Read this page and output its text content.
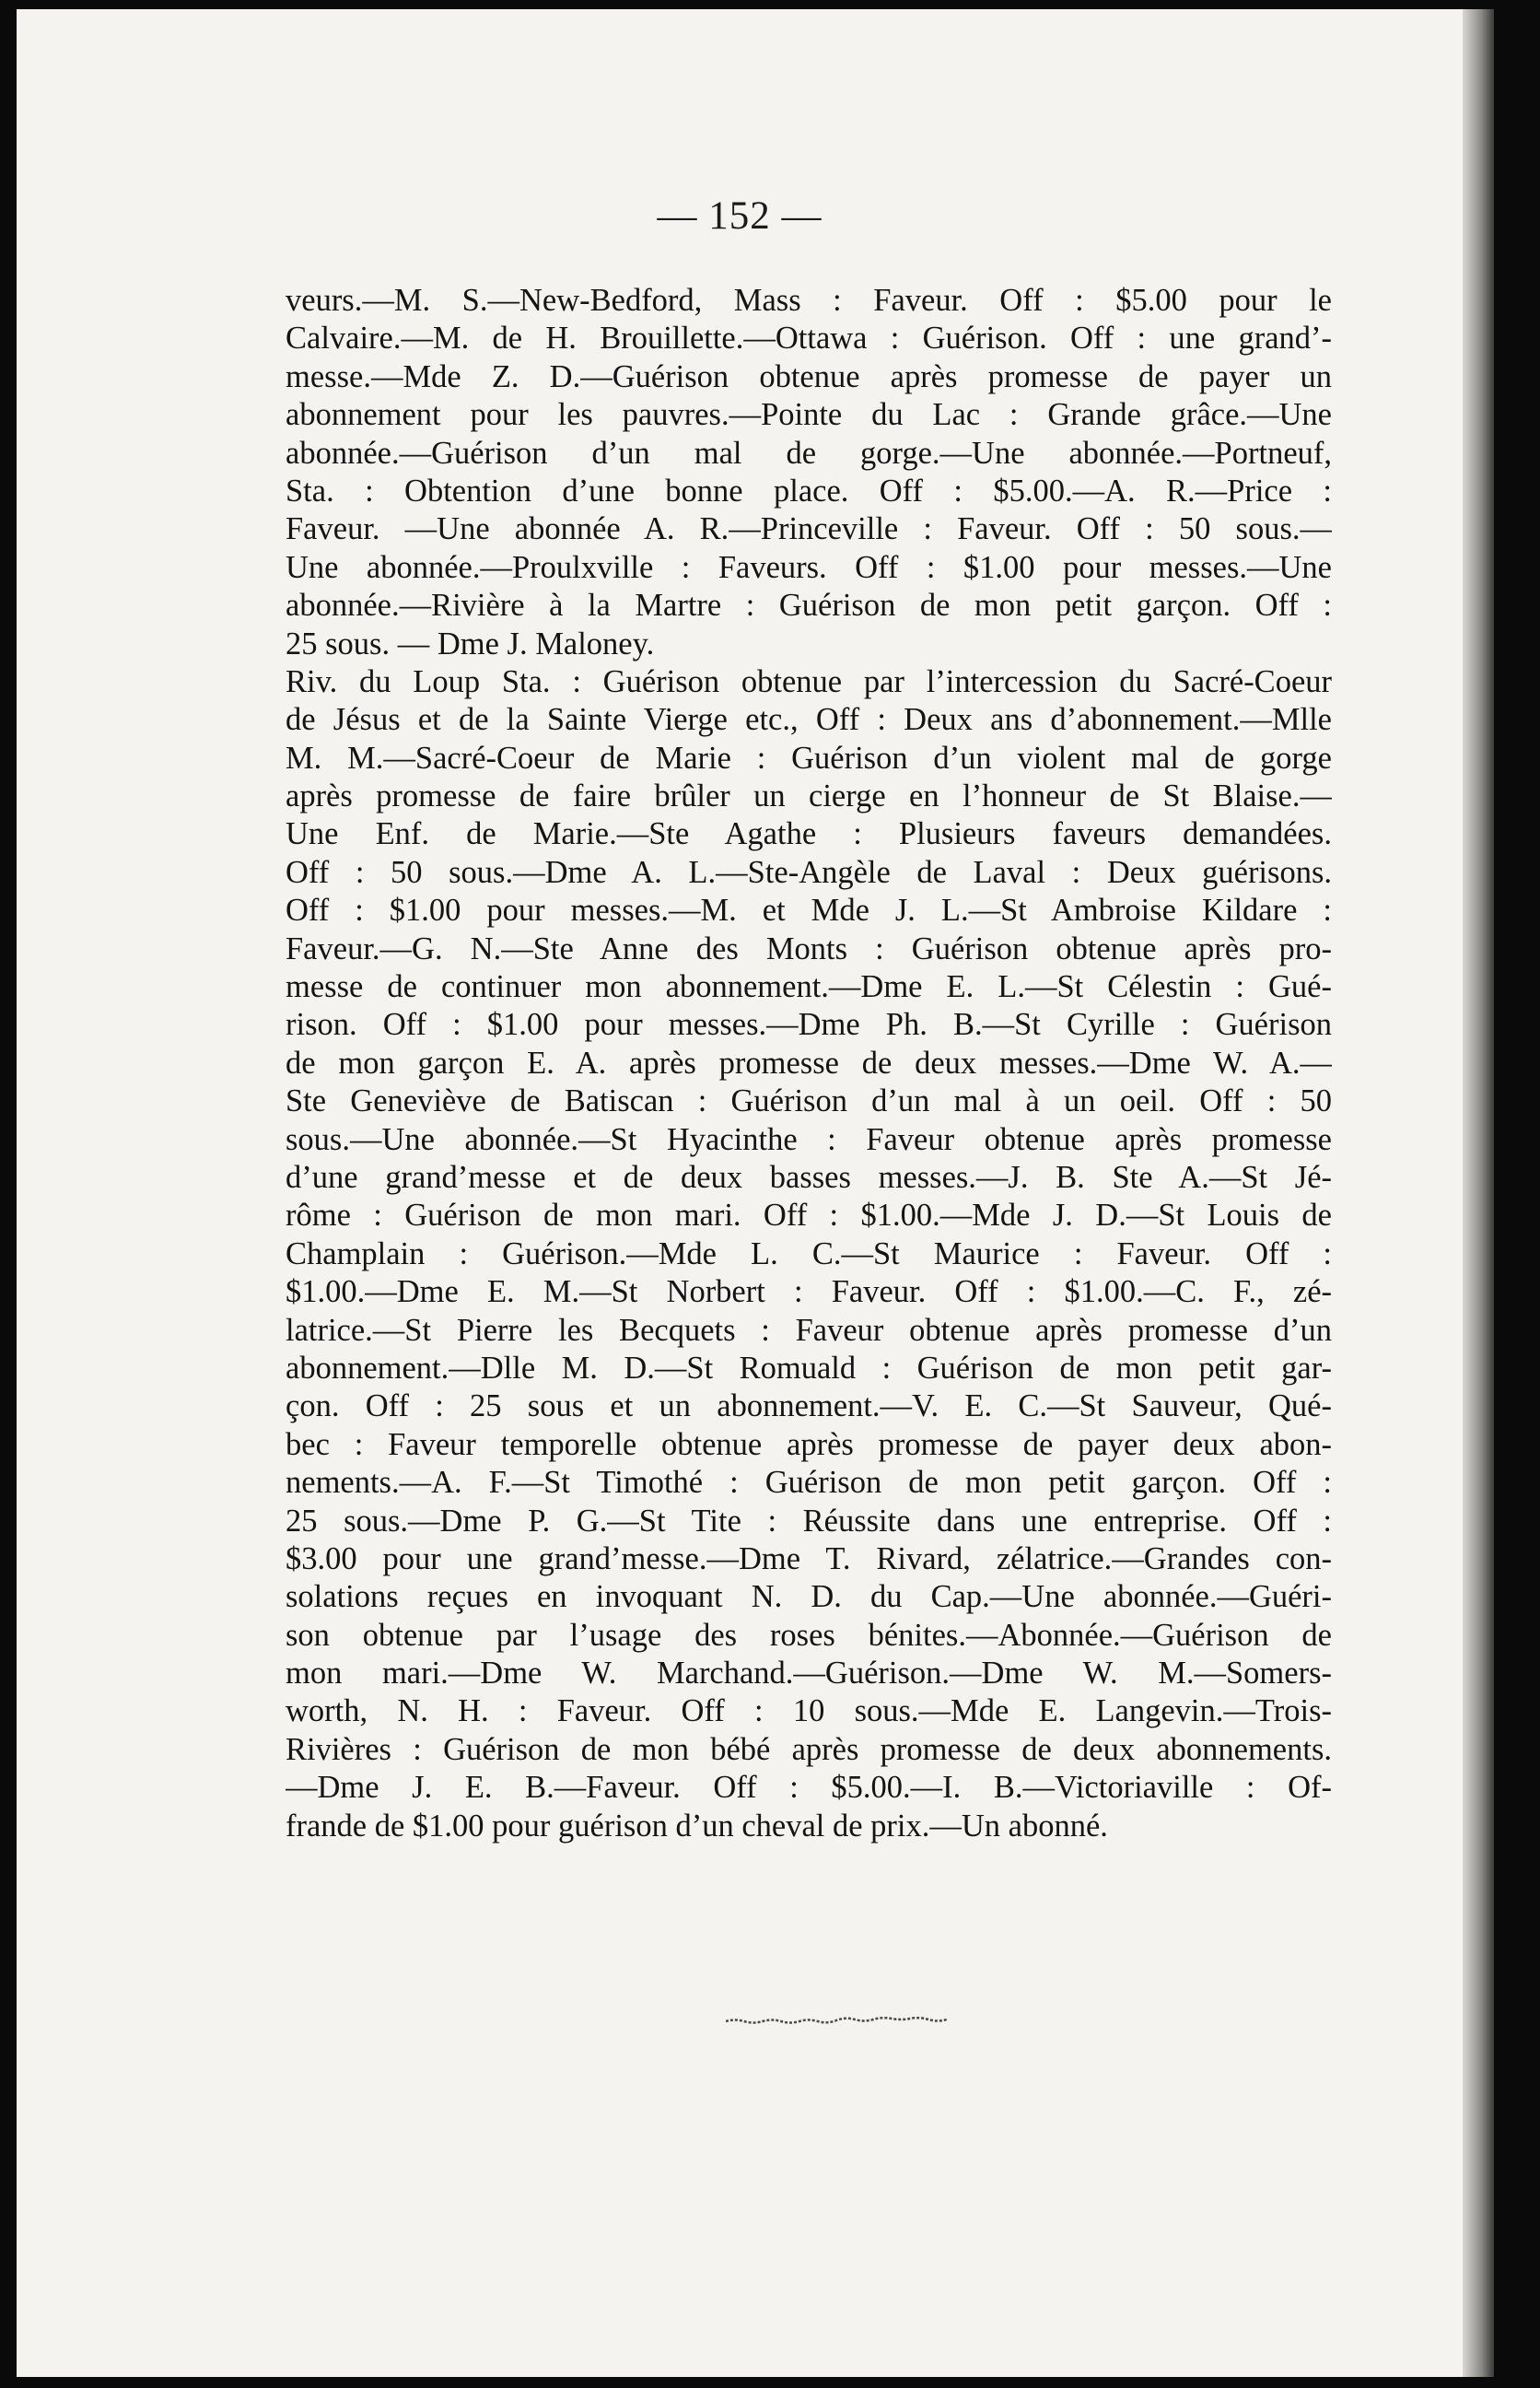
— 152 —
veurs.—M. S.—New-Bedford, Mass : Faveur. Off : $5.00 pour le
Calvaire.—M. de H. Brouillette.—Ottawa : Guérison. Off : une grand’-
messe.—Mde Z. D.—Guérison obtenue après promesse de payer un
abonnement pour les pauvres.—Pointe du Lac : Grande grâce.—Une
abonnée.—Guérison d’un mal de gorge.—Une abonnée.—Portneuf,
Sta. : Obtention d’une bonne place. Off : $5.00.—A. R.—Price :
Faveur. —Une abonnée A. R.—Princeville : Faveur. Off : 50 sous.—
Une abonnée.—Proulxville : Faveurs. Off : $1.00 pour messes.—Une
abonnée.—Rivière à la Martre : Guérison de mon petit garçon. Off :
25 sous. — Dme J. Maloney.
Riv. du Loup Sta. : Guérison obtenue par l’intercession du Sacré-Coeur
de Jésus et de la Sainte Vierge etc., Off : Deux ans d’abonnement.—Mlle
M. M.—Sacré-Coeur de Marie : Guérison d’un violent mal de gorge
après promesse de faire brûler un cierge en l’honneur de St Blaise.—
Une Enf. de Marie.—Ste Agathe : Plusieurs faveurs demandées.
Off : 50 sous.—Dme A. L.—Ste-Angèle de Laval : Deux guérisons.
Off : $1.00 pour messes.—M. et Mde J. L.—St Ambroise Kildare :
Faveur.—G. N.—Ste Anne des Monts : Guérison obtenue après pro-
messe de continuer mon abonnement.—Dme E. L.—St Célestin : Gué-
rison. Off : $1.00 pour messes.—Dme Ph. B.—St Cyrille : Guérison
de mon garçon E. A. après promesse de deux messes.—Dme W. A.—
Ste Geneviève de Batiscan : Guérison d’un mal à un oeil. Off : 50
sous.—Une abonnée.—St Hyacinthe : Faveur obtenue après promesse
d’une grand’messe et de deux basses messes.—J. B. Ste A.—St Jé-
rôme : Guérison de mon mari. Off : $1.00.—Mde J. D.—St Louis de
Champlain : Guérison.—Mde L. C.—St Maurice : Faveur. Off :
$1.00.—Dme E. M.—St Norbert : Faveur. Off : $1.00.—C. F., zé-
latrice.—St Pierre les Becquets : Faveur obtenue après promesse d’un
abonnement.—Dlle M. D.—St Romuald : Guérison de mon petit gar-
çon. Off : 25 sous et un abonnement.—V. E. C.—St Sauveur, Qué-
bec : Faveur temporelle obtenue après promesse de payer deux abon-
nements.—A. F.—St Timothé : Guérison de mon petit garçon. Off :
25 sous.—Dme P. G.—St Tite : Réussite dans une entreprise. Off :
$3.00 pour une grand’messe.—Dme T. Rivard, zélatrice.—Grandes con-
solations reçues en invoquant N. D. du Cap.—Une abonnée.—Guéri-
son obtenue par l’usage des roses bénites.—Abonnée.—Guérison de
mon mari.—Dme W. Marchand.—Guérison.—Dme W. M.—Somers-
worth, N. H. : Faveur. Off : 10 sous.—Mde E. Langevin.—Trois-
Rivières : Guérison de mon bébé après promesse de deux abonnements.
—Dme J. E. B.—Faveur. Off : $5.00.—I. B.—Victoriaville : Of-
frande de $1.00 pour guérison d’un cheval de prix.—Un abonné.
